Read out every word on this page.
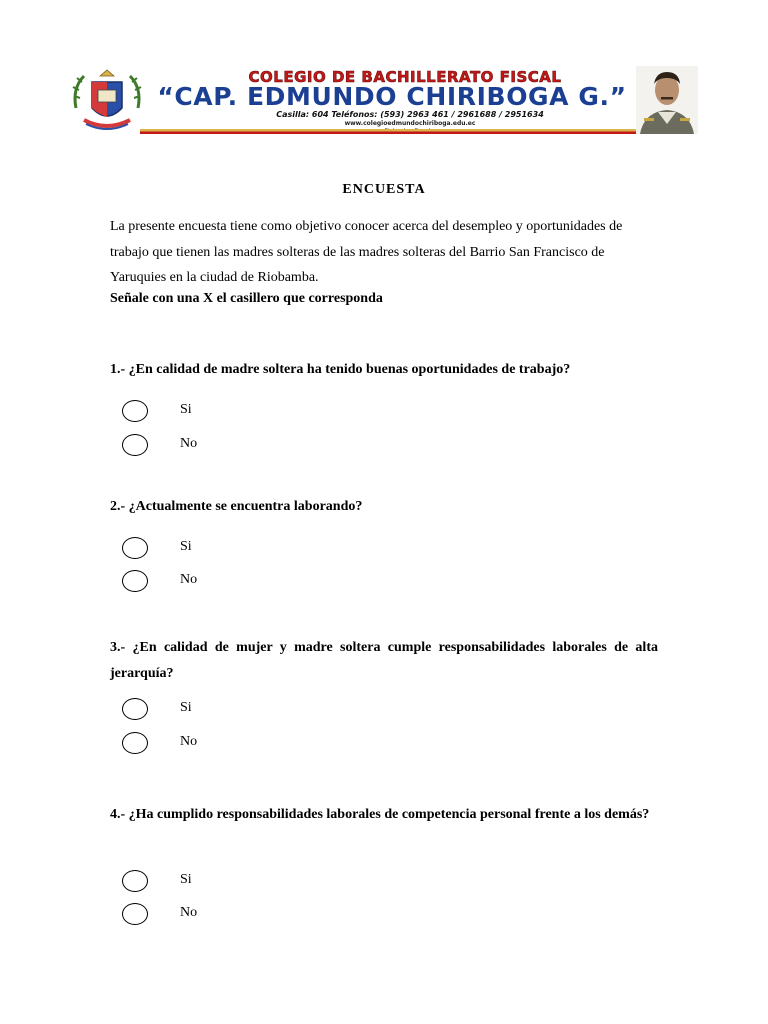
COLEGIO DE BACHILLERATO FISCAL
“CAP. EDMUNDO CHIRIBOGA G.”
Casilla: 604 Teléfonos: (593) 2963 461 / 2961688 / 2951634
www.colegioedmundochiriboga.edu.ec
ENCUESTA

La presente encuesta tiene como objetivo conocer acerca del desempleo y oportunidades de trabajo que tienen las madres solteras de las madres solteras del Barrio San Francisco de Yaruquies en la ciudad de Riobamba.

Señale con una X el casillero que corresponda

1.- ¿En calidad de madre soltera ha tenido buenas oportunidades de trabajo?

Si
No

2.- ¿Actualmente se encuentra laborando?

Si
No

3.- ¿En calidad de mujer y madre soltera cumple responsabilidades laborales de alta jerarquía?

Si
No

4.- ¿Ha cumplido responsabilidades laborales de competencia personal frente a los demás?

Si
No
